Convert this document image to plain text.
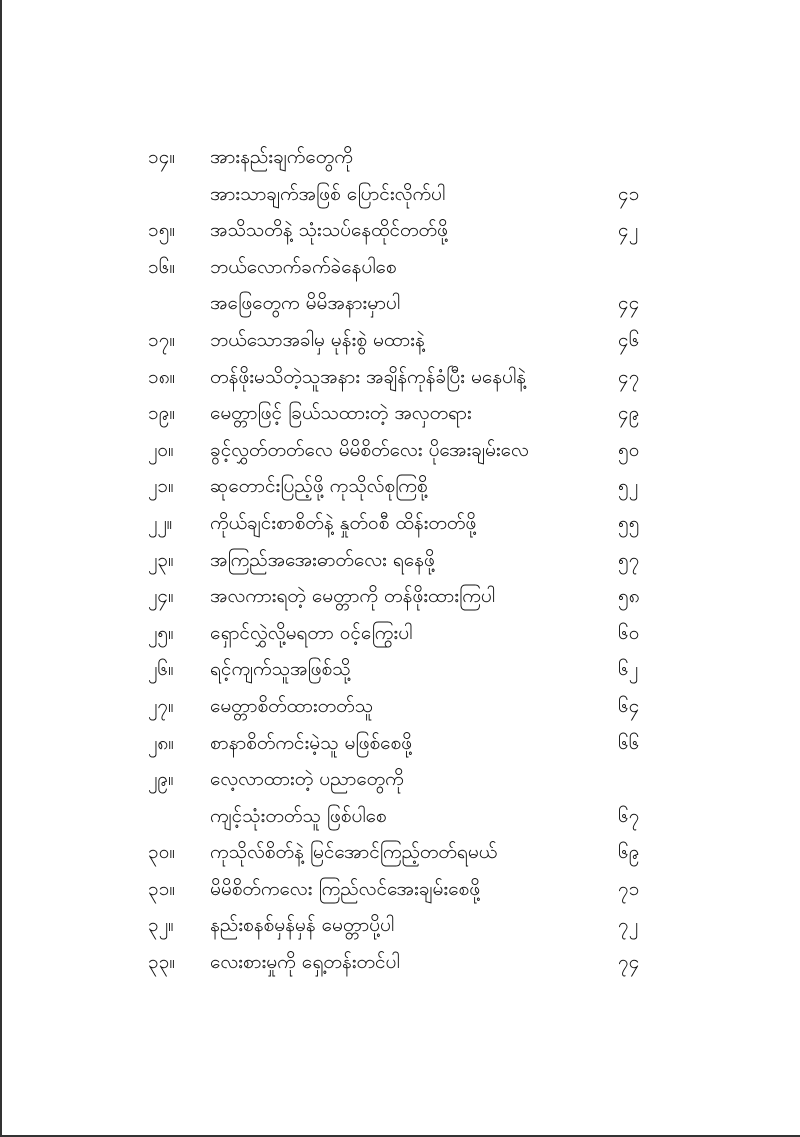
၁၄။	အားနည်းချက်တွေကို
အားသာချက်အဖြစ် ပြောင်းလိုက်ပါ	၄၁
၁၅။	အသိသတိနဲ့ သုံးသပ်နေထိုင်တတ်ဖို့	၄၂
၁၆။	ဘယ်လောက်ခက်ခဲနေပါစေ
အဖြေတွေက မိမိအနားမှာပါ	၄၄
၁၇။	ဘယ်သောအခါမှ မုန်းစွဲ မထားနဲ့	၄၆
၁၈။	တန်ဖိုးမသိတဲ့သူအနား အချိန်ကုန်ခံပြီး မနေပါနဲ့	၄၇
၁၉။	မေတ္တာဖြင့် ခြယ်သထားတဲ့ အလှတရား	၄၉
၂၀။	ခွင့်လွှတ်တတ်လေ မိမိစိတ်လေး ပိုအေးချမ်းလေ	၅၀
၂၁။	ဆုတောင်းပြည့်ဖို့ ကုသိုလ်စုကြစို့	၅၂
၂၂။	ကိုယ်ချင်းစာစိတ်နဲ့ နှုတ်ဝစီ ထိန်းတတ်ဖို့	၅၅
၂၃။	အကြည်အအေးဓာတ်လေး ရနေဖို့	၅၇
၂၄။	အလကားရတဲ့ မေတ္တာကို တန်ဖိုးထားကြပါ	၅၈
၂၅။	ရှောင်လွှဲလို့မရတာ ဝင့်ကြွေးပါ	၆၀
၂၆။	ရင့်ကျက်သူအဖြစ်သို့	၆၂
၂၇။	မေတ္တာစိတ်ထားတတ်သူ	၆၄
၂၈။	စာနာစိတ်ကင်းမဲ့သူ မဖြစ်စေဖို့	၆၆
၂၉။	လေ့လာထားတဲ့ ပညာတွေကို
ကျင့်သုံးတတ်သူ ဖြစ်ပါစေ	၆၇
၃၀။	ကုသိုလ်စိတ်နဲ့ မြင်အောင်ကြည့်တတ်ရမယ်	၆၉
၃၁။	မိမိစိတ်ကလေး ကြည်လင်အေးချမ်းစေဖို့	၇၁
၃၂။	နည်းစနစ်မှန်မှန် မေတ္တာပို့ပါ	၇၂
၃၃။	လေးစားမှုကို ရှေ့တန်းတင်ပါ	၇၄
